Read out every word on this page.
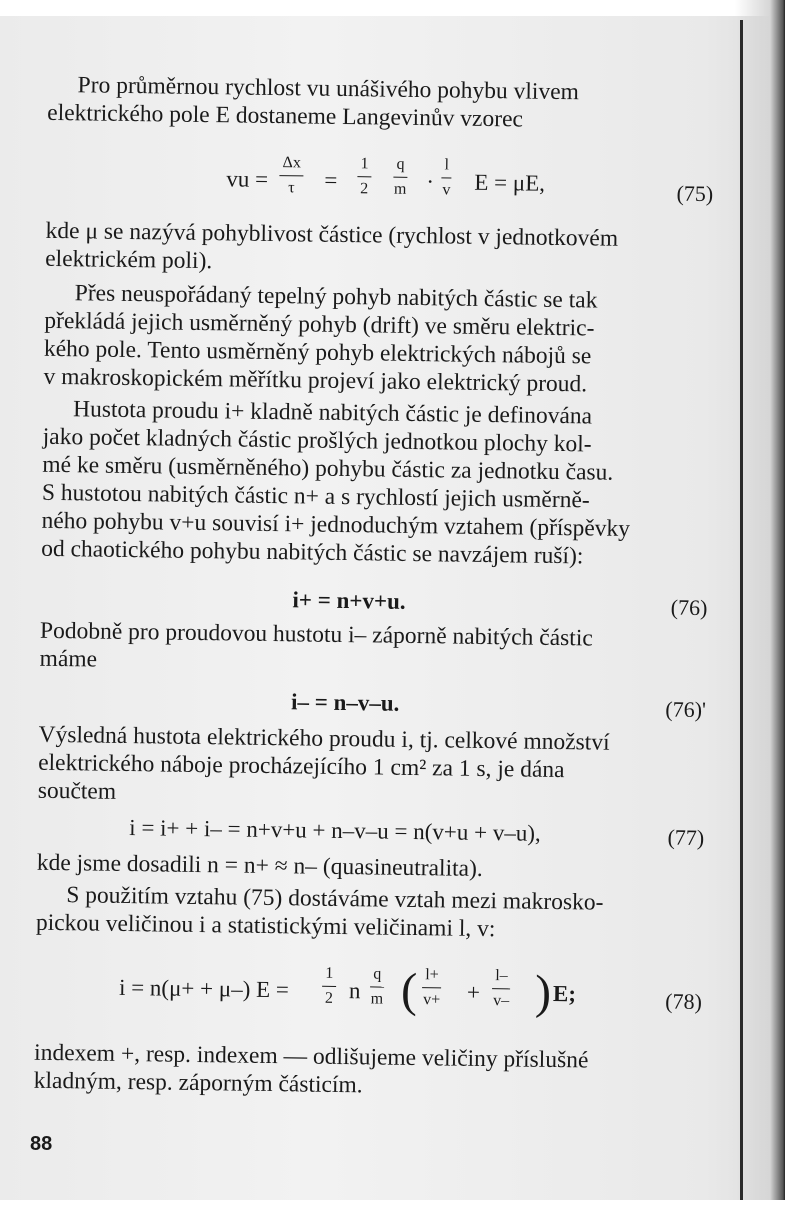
Pro průměrnou rychlost vu unášivého pohybu vlivem

elektrického pole E dostaneme Langevinův vzorec

vu = $\frac{\Delta x}{\tau} = \frac{1}{2} \frac{q}{m} \cdot \frac{l}{v}$ E = μE,	(75)

kde μ se nazývá pohyblivost částice (rychlost v jednotkovém

elektrickém poli).

Přes neuspořádaný tepelný pohyb nabitých částic se tak

překládá jejich usměrněný pohyb (drift) ve směru elektric-

kého pole. Tento usměrněný pohyb elektrických nábojů se

v makroskopickém měřítku projeví jako elektrický proud.

Hustota proudu i+ kladně nabitých částic je definována

jako počet kladných částic prošlých jednotkou plochy kol-

mé ke směru (usměrněného) pohybu částic za jednotku času.

S hustotou nabitých částic n+ a s rychlostí jejich usměrně-

ného pohybu v+u souvisí i+ jednoduchým vztahem (příspěvky

od chaotického pohybu nabitých částic se navzájem ruší):

i+ = n+v+u.	(76)

Podobně pro proudovou hustotu i– záporně nabitých částic

máme

i– = n–v–u.	(76)'

Výsledná hustota elektrického proudu i, tj. celkové množství

elektrického náboje procházejícího 1 cm² za 1 s, je dána

součtem

i = i+ + i– = n+v+u + n–v–u = n(v+u + v–u),	(77)

kde jsme dosadili n = n+ ≈ n– (quasineutralita).

S použitím vztahu (75) dostáváme vztah mezi makrosko-

pickou veličinou i a statistickými veličinami l, v:

i = n(μ+ + μ–) $E = \frac{1}{2}$ n $\frac{q}{m}$ ( $\frac{l+}{v+} + \frac{l-}{v-}$ ) E;	(78)

indexem +, resp. indexem — odlišujeme veličiny příslušné

kladným, resp. záporným částicím.

88
